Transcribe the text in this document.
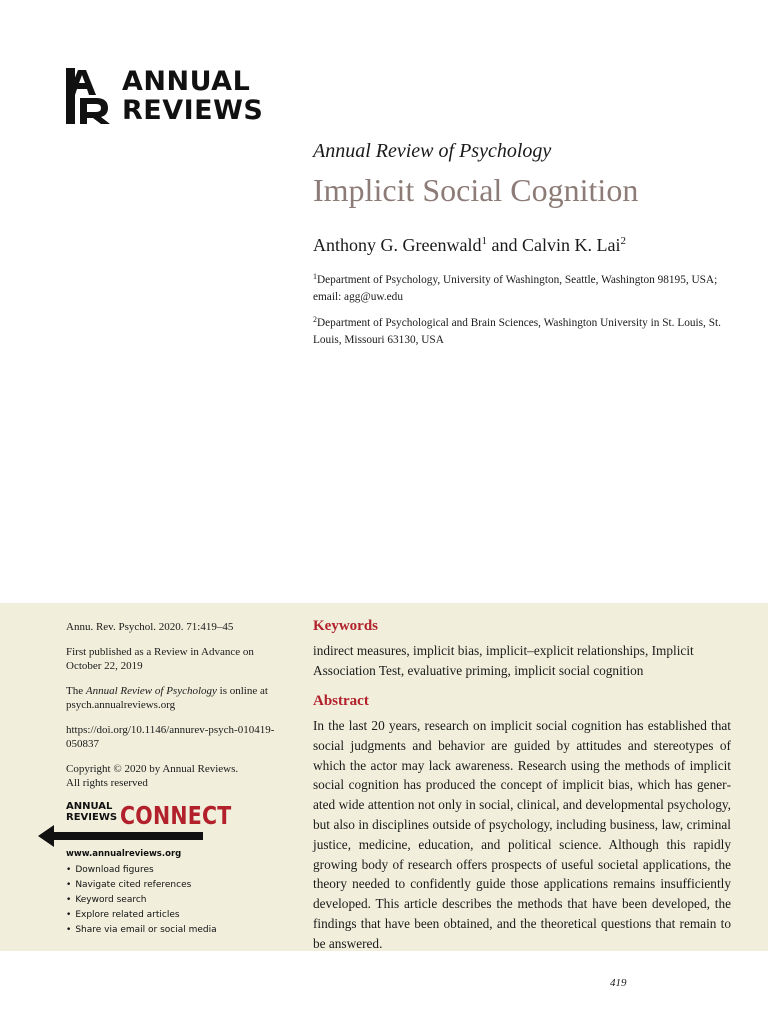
ANNUAL
REVIEWS
Annual Review of Psychology
Implicit Social Cognition
Anthony G. Greenwald$^1$ and Calvin K. Lai$^2$
$^1$Department of Psychology, University of Washington, Seattle, Washington 98195, USA; email: agg@uw.edu
$^2$Department of Psychological and Brain Sciences, Washington University in St. Louis, St. Louis, Missouri 63130, USA

Annu. Rev. Psychol. 2020. 71:419–45

First published as a Review in Advance on October 22, 2019

The Annual Review of Psychology is online at psych.annualreviews.org

https://doi.org/10.1146/annurev-psych-010419-050837

Copyright © 2020 by Annual Reviews.
All rights reserved

ANNUAL
REVIEWS CONNECT
www.annualreviews.org
• Download figures
• Navigate cited references
• Keyword search
• Explore related articles
• Share via email or social media
Keywords

indirect measures, implicit bias, implicit–explicit relationships, Implicit Association Test, evaluative priming, implicit social cognition

Abstract

In the last 20 years, research on implicit social cognition has established that social judgments and behavior are guided by attitudes and stereotypes of which the actor may lack awareness. Research using the methods of implicit social cognition has produced the concept of implicit bias, which has generated wide attention not only in social, clinical, and developmental psychology, but also in disciplines outside of psychology, including business, law, criminal justice, medicine, education, and political science. Although this rapidly growing body of research offers prospects of useful societal applications, the theory needed to confidently guide those applications remains insufficiently developed. This article describes the methods that have been developed, the findings that have been obtained, and the theoretical questions that remain to be answered.

419
